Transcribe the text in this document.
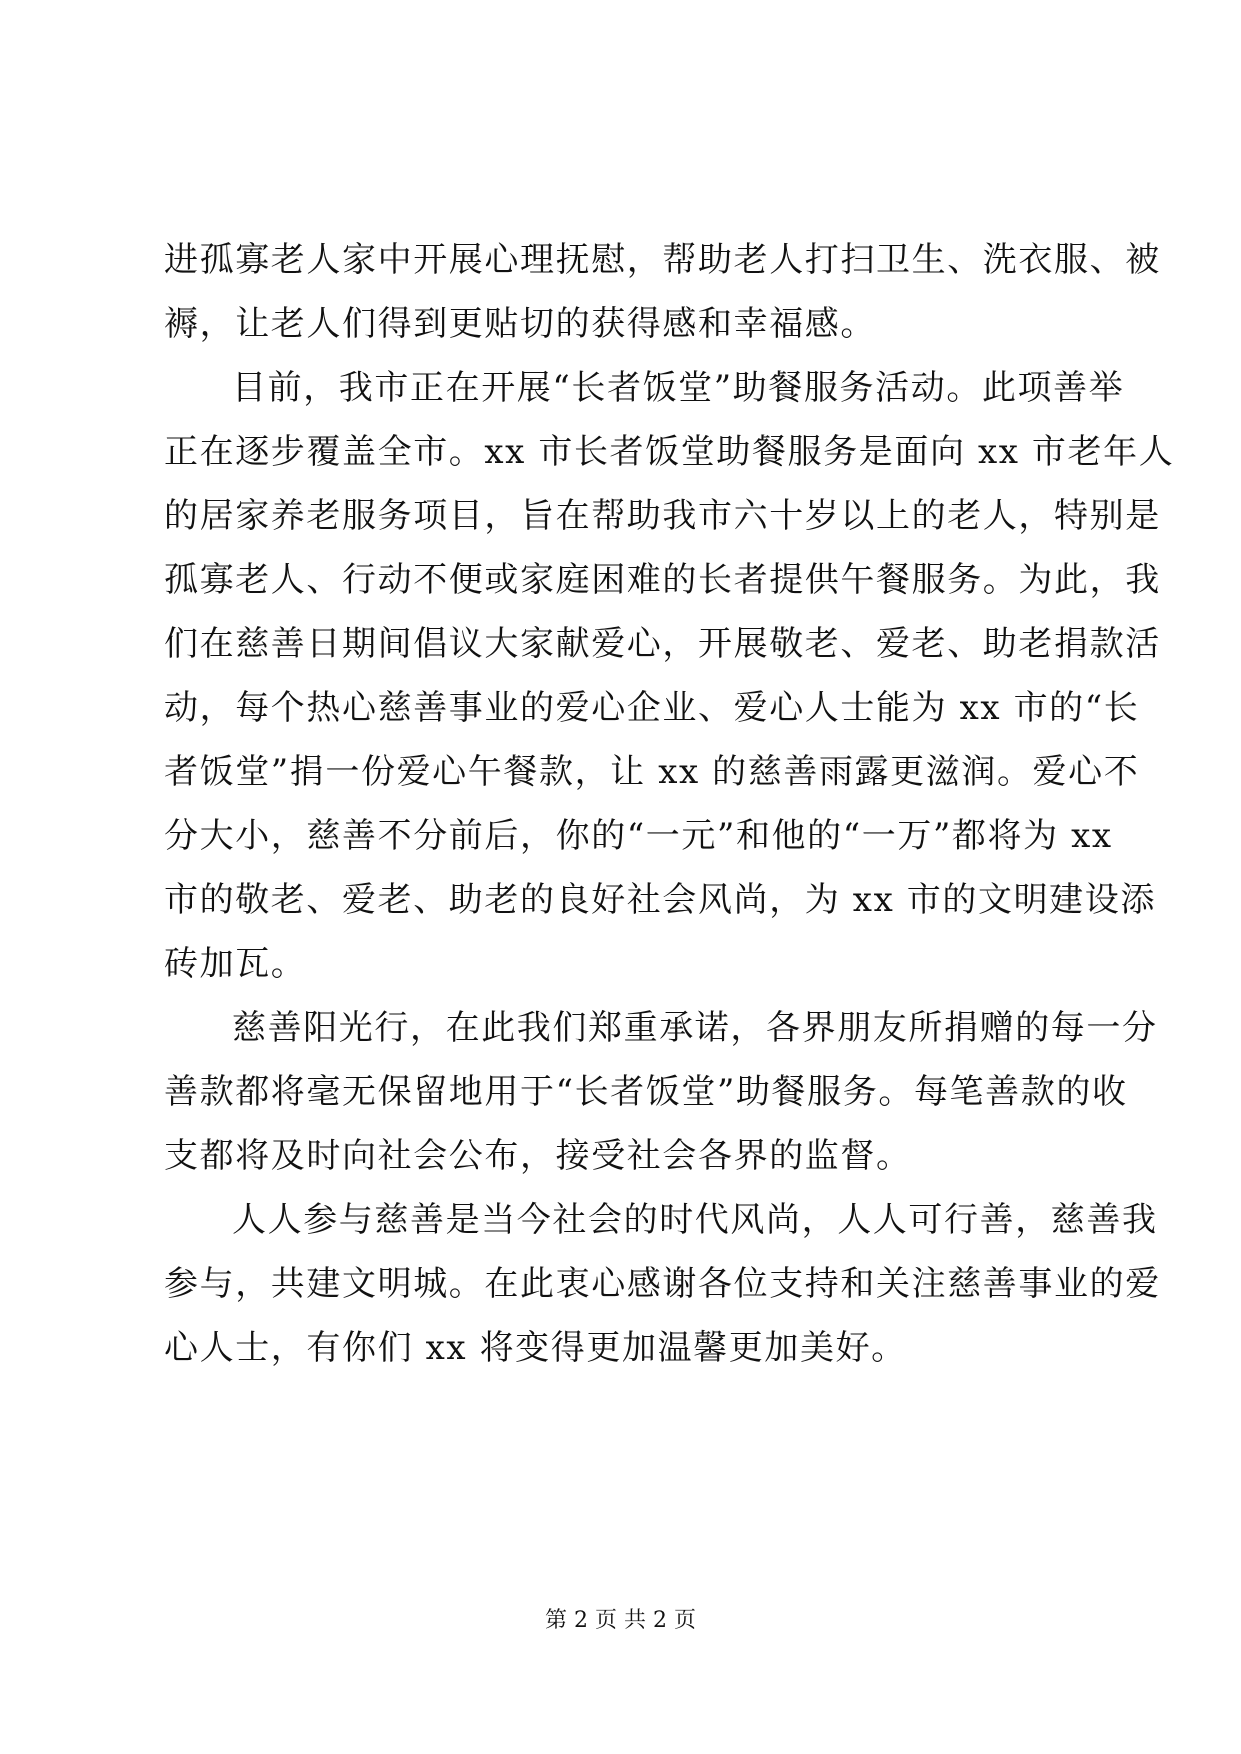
进孤寡老人家中开展心理抚慰，帮助老人打扫卫生、洗衣服、被
褥，让老人们得到更贴切的获得感和幸福感。
目前，我市正在开展“长者饭堂”助餐服务活动。此项善举
正在逐步覆盖全市。xx 市长者饭堂助餐服务是面向 xx 市老年人
的居家养老服务项目，旨在帮助我市六十岁以上的老人，特别是
孤寡老人、行动不便或家庭困难的长者提供午餐服务。为此，我
们在慈善日期间倡议大家献爱心，开展敬老、爱老、助老捐款活
动，每个热心慈善事业的爱心企业、爱心人士能为 xx 市的“长
者饭堂”捐一份爱心午餐款，让 xx 的慈善雨露更滋润。爱心不
分大小，慈善不分前后，你的“一元”和他的“一万”都将为 xx
市的敬老、爱老、助老的良好社会风尚，为 xx 市的文明建设添
砖加瓦。
慈善阳光行，在此我们郑重承诺，各界朋友所捐赠的每一分
善款都将毫无保留地用于“长者饭堂”助餐服务。每笔善款的收
支都将及时向社会公布，接受社会各界的监督。
人人参与慈善是当今社会的时代风尚，人人可行善，慈善我
参与，共建文明城。在此衷心感谢各位支持和关注慈善事业的爱
心人士，有你们 xx 将变得更加温馨更加美好。
第 2 页 共 2 页
